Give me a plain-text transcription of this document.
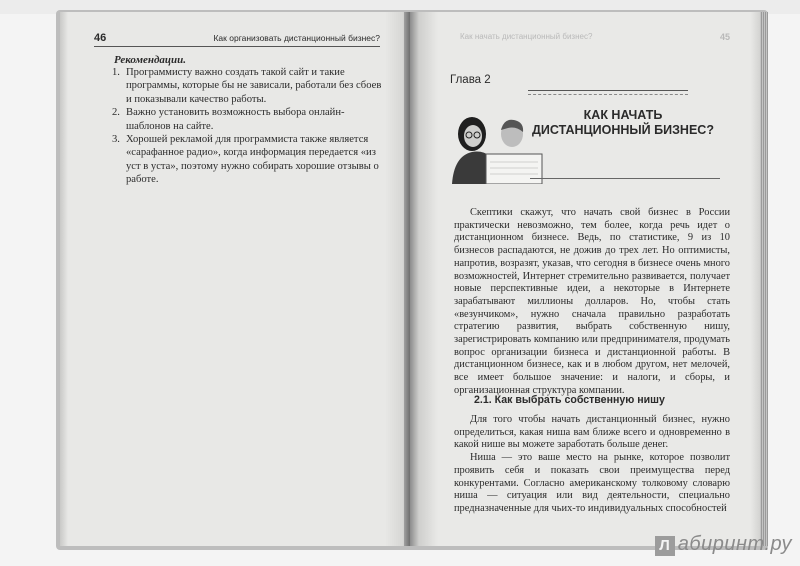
46	Как организовать дистанционный бизнес?
Рекомендации.
1. Программисту важно создать такой сайт и такие программы, которые бы не зависали, работали без сбоев и показывали качество работы.
2. Важно установить возможность выбора онлайн-шаблонов на сайте.
3. Хорошей рекламой для программиста также является «сарафанное радио», когда информация передается «из уст в уста», поэтому нужно собирать хорошие отзывы о работе.
Как начать дистанционный бизнес?	45
Глава 2
КАК НАЧАТЬ
ДИСТАНЦИОННЫЙ БИЗНЕС?

Скептики скажут, что начать свой бизнес в России практически невозможно, тем более, когда речь идет о дистанционном бизнесе. Ведь, по статистике, 9 из 10 бизнесов распадаются, не дожив до трех лет. Но оптимисты, напротив, возразят, указав, что сегодня в бизнесе очень много возможностей, Интернет стремительно развивается, получает новые перспективные идеи, а некоторые в Интернете зарабатывают миллионы долларов. Но, чтобы стать «везунчиком», нужно сначала правильно разработать стратегию развития, выбрать собственную нишу, зарегистрировать компанию или предпринимателя, продумать вопрос организации бизнеса и дистанционной работы. В дистанционном бизнесе, как и в любом другом, нет мелочей, все имеет большое значение: и налоги, и сборы, и организационная структура компании.

2.1. Как выбрать собственную нишу

Для того чтобы начать дистанционный бизнес, нужно определиться, какая ниша вам ближе всего и одновременно в какой нише вы можете заработать больше денег.

Ниша — это ваше место на рынке, которое позволит проявить себя и показать свои преимущества перед конкурентами. Согласно американскому толковому словарю ниша — ситуация или вид деятельности, специально предназначенные для чьих-то индивидуальных способностей

Л абиринт.ру
